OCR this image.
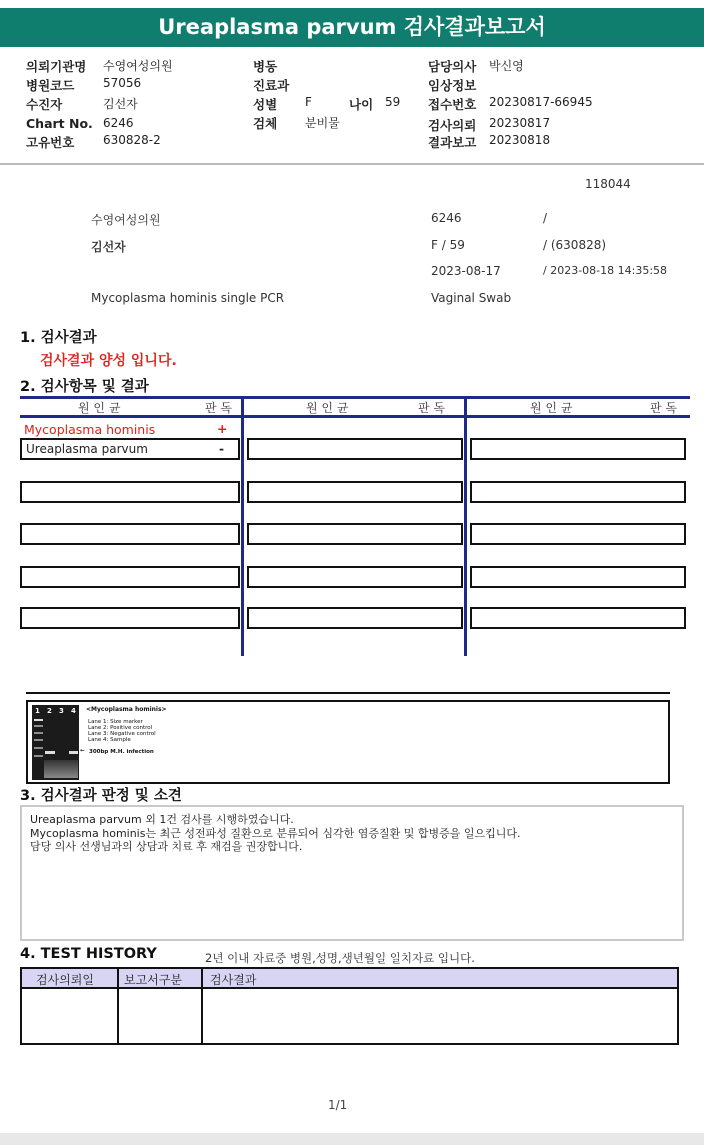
Ureaplasma parvum 검사결과보고서
의뢰기관명 수영여성의원	병동	담당의사 박신영
병원코드 57056	진료과	임상정보
수진자	김선자	성별 F	나이 59 접수번호 20230817-66945
Chart No. 6246	검체 분비물	검사의뢰 20230817
고유번호 630828-2	결과보고 20230818
118044
수영여성의원	6246	/
김선자	F / 59	/ (630828)
2023-08-17	/ 2023-08-18 14:35:58
Mycoplasma hominis single PCR	Vaginal Swab
1. 검사결과
검사결과 양성 입니다.
2. 검사항목 및 결과
원 인 균	판 독	원 인 균	판 독	원 인 균	판 독
Mycoplasma hominis	+
Ureaplasma parvum	-
1 2 3 4 <Mycoplasma hominis>
Lane 1: Size marker
Lane 2: Positive control
Lane 3: Negative control
Lane 4: Sample
← 300bp M.H. infection
3. 검사결과 판정 및 소견
Ureaplasma parvum 외 1건 검사를 시행하였습니다.
Mycoplasma hominis는 최근 성전파성 질환으로 분류되어 심각한 염증질환 및 합병증을 일으킵니다.
담당 의사 선생님과의 상담과 치료 후 재검을 권장합니다.
4. TEST HISTORY	2년 이내 자료중 병원,성명,생년월일 일치자료 입니다.
검사의뢰일	보고서구분 검사결과
1/1
